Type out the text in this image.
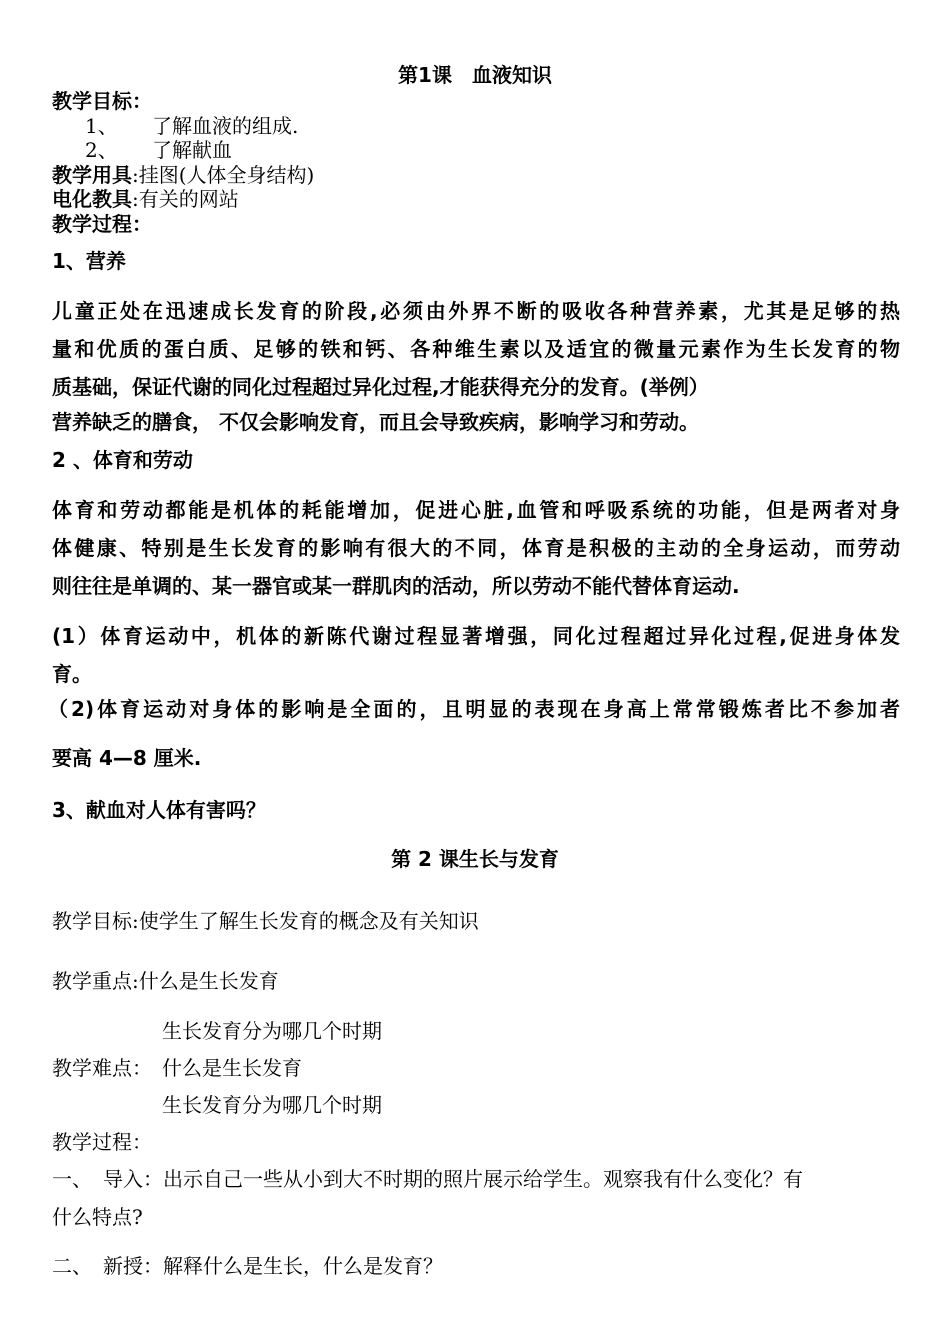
第1课　血液知识
教学目标：
1、 了解血液的组成.
2、 了解献血
教学用具:挂图(人体全身结构)
电化教具:有关的网站
教学过程：
1、营养
儿童正处在迅速成长发育的阶段,必须由外界不断的吸收各种营养素，尤其是足够的热
量和优质的蛋白质、足够的铁和钙、各种维生素以及适宜的微量元素作为生长发育的物
质基础，保证代谢的同化过程超过异化过程,才能获得充分的发育。(举例）
营养缺乏的膳食， 不仅会影响发育，而且会导致疾病，影响学习和劳动。
2 、体育和劳动
体育和劳动都能是机体的耗能增加，促进心脏,血管和呼吸系统的功能，但是两者对身
体健康、特别是生长发育的影响有很大的不同，体育是积极的主动的全身运动，而劳动
则往往是单调的、某一器官或某一群肌肉的活动，所以劳动不能代替体育运动.
(1）体育运动中，机体的新陈代谢过程显著增强，同化过程超过异化过程,促进身体发
育。
（2)体育运动对身体的影响是全面的，且明显的表现在身高上常常锻炼者比不参加者
要高 4—8 厘米.
3、献血对人体有害吗？
第 2 课生长与发育
教学目标:使学生了解生长发育的概念及有关知识
教学重点:什么是生长发育
生长发育分为哪几个时期
教学难点： 什么是生长发育
生长发育分为哪几个时期
教学过程：
一、 导入：出示自己一些从小到大不时期的照片展示给学生。观察我有什么变化？有
什么特点?
二、 新授：解释什么是生长，什么是发育？
